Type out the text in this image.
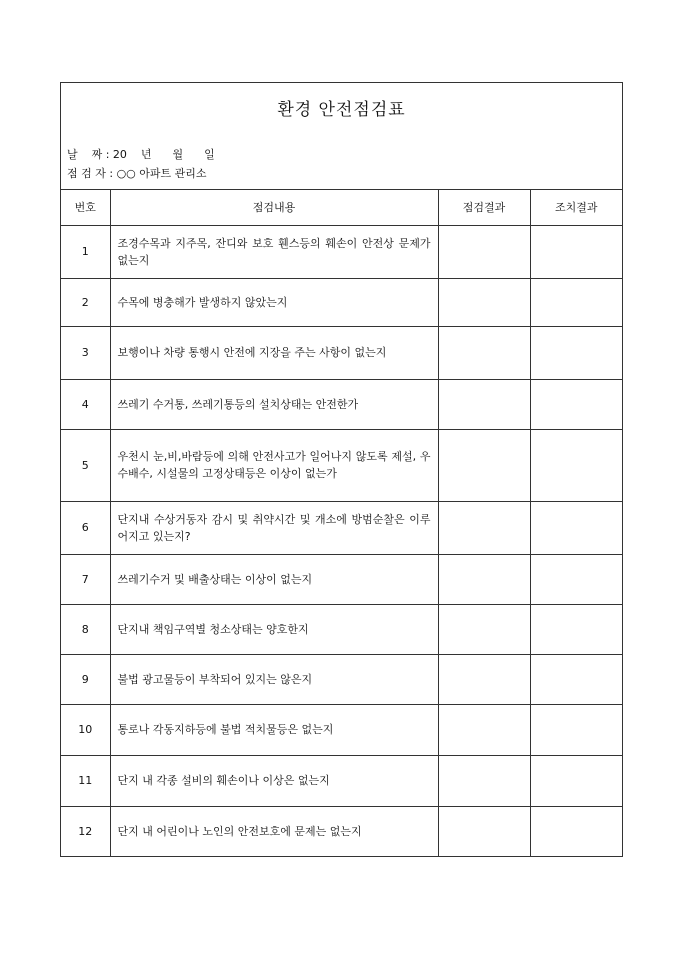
환경 안전점검표
날    짜 : 20    년      월      일
점 검 자 : ○○ 아파트 관리소
번호	점검내용	점검결과	조치결과
1	조경수목과 지주목, 잔디와 보호 휀스등의 훼손이 안전상 문제가 없는지		
2	수목에 병충해가 발생하지 않았는지		
3	보행이나 차량 통행시 안전에 지장을 주는 사항이 없는지		
4	쓰레기 수거통, 쓰레기통등의 설치상태는 안전한가		
5	우천시 눈,비,바람등에 의해 안전사고가 일어나지 않도록 제설, 우수배수, 시설물의 고정상태등은 이상이 없는가		
6	단지내 수상거동자 감시 및 취약시간 및 개소에 방범순찰은 이루어지고 있는지?		
7	쓰레기수거 및 배출상태는 이상이 없는지		
8	단지내 책임구역별 청소상태는 양호한지		
9	불법 광고물등이 부착되어 있지는 않은지		
10	통로나 각동지하등에 불법 적치물등은 없는지		
11	단지 내 각종 설비의 훼손이나 이상은 없는지		
12	단지 내 어린이나 노인의 안전보호에 문제는 없는지		
